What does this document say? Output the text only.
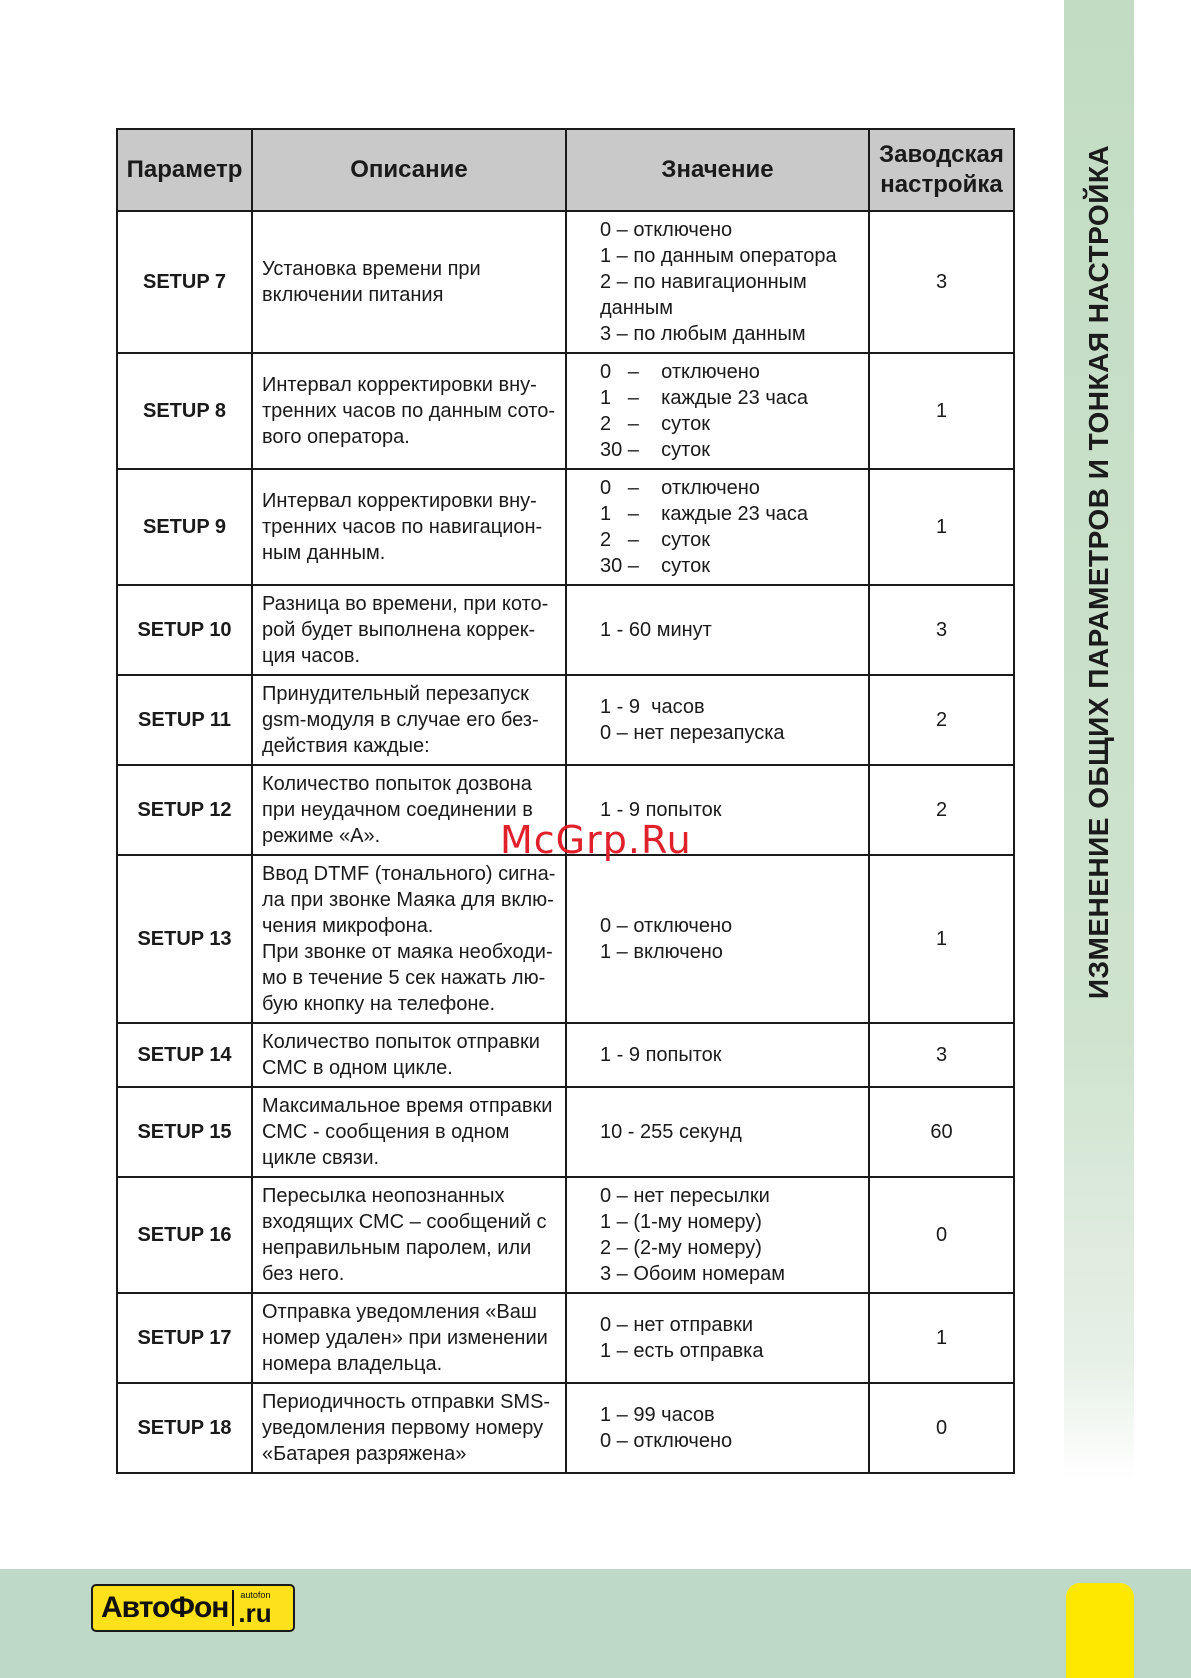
ИЗМЕНЕНИЕ ОБЩИХ ПАРАМЕТРОВ И ТОНКАЯ НАСТРОЙКА
Параметр	Описание	Значение	Заводская
настройка
SETUP 7	Установка времени при включении питания	0 – отключено
1 – по данным оператора
2 – по навигационным
данным
3 – по любым данным	3
SETUP 8	Интервал корректировки вну-тренних часов по данным сото-вого оператора.	0   –    отключено
1   –    каждые 23 часа
2   –    суток
30 –    суток	1
SETUP 9	Интервал корректировки вну-тренних часов по навигацион-ным данным.	0   –    отключено
1   –    каждые 23 часа
2   –    суток
30 –    суток	1
SETUP 10	Разница во времени, при кото-рой будет выполнена коррек-ция часов.	1 - 60 минут	3
SETUP 11	Принудительный перезапуск gsm-модуля в случае его без-действия каждые:	1 - 9  часов
0 – нет перезапуска	2
SETUP 12	Количество попыток дозвона при неудачном соединении в режиме «А».	1 - 9 попыток	2
SETUP 13	Ввод DTMF (тонального) сигна-ла при звонке Маяка для вклю-чения микрофона.
При звонке от маяка необходи-мо в течение 5 сек нажать лю-бую кнопку на телефоне.	0 – отключено
1 – включено	1
SETUP 14	Количество попыток отправки СМС в одном цикле.	1 - 9 попыток	3
SETUP 15	Максимальное время отправки СМС - сообщения в одном цикле связи.	10 - 255 секунд	60
SETUP 16	Пересылка неопознанных входящих СМС – сообщений с неправильным паролем, или без него.	0 – нет пересылки
1 – (1-му номеру)
2 – (2-му номеру)
3 – Обоим номерам	0
SETUP 17	Отправка уведомления «Ваш номер удален» при изменении номера владельца.	0 – нет отправки
1 – есть отправка	1
SETUP 18	Периодичность отправки SMS-уведомления первому номеру «Батарея разряжена»	1 – 99 часов
0 – отключено	0
McGrp.Ru
АвтоФон autofon
.ru
